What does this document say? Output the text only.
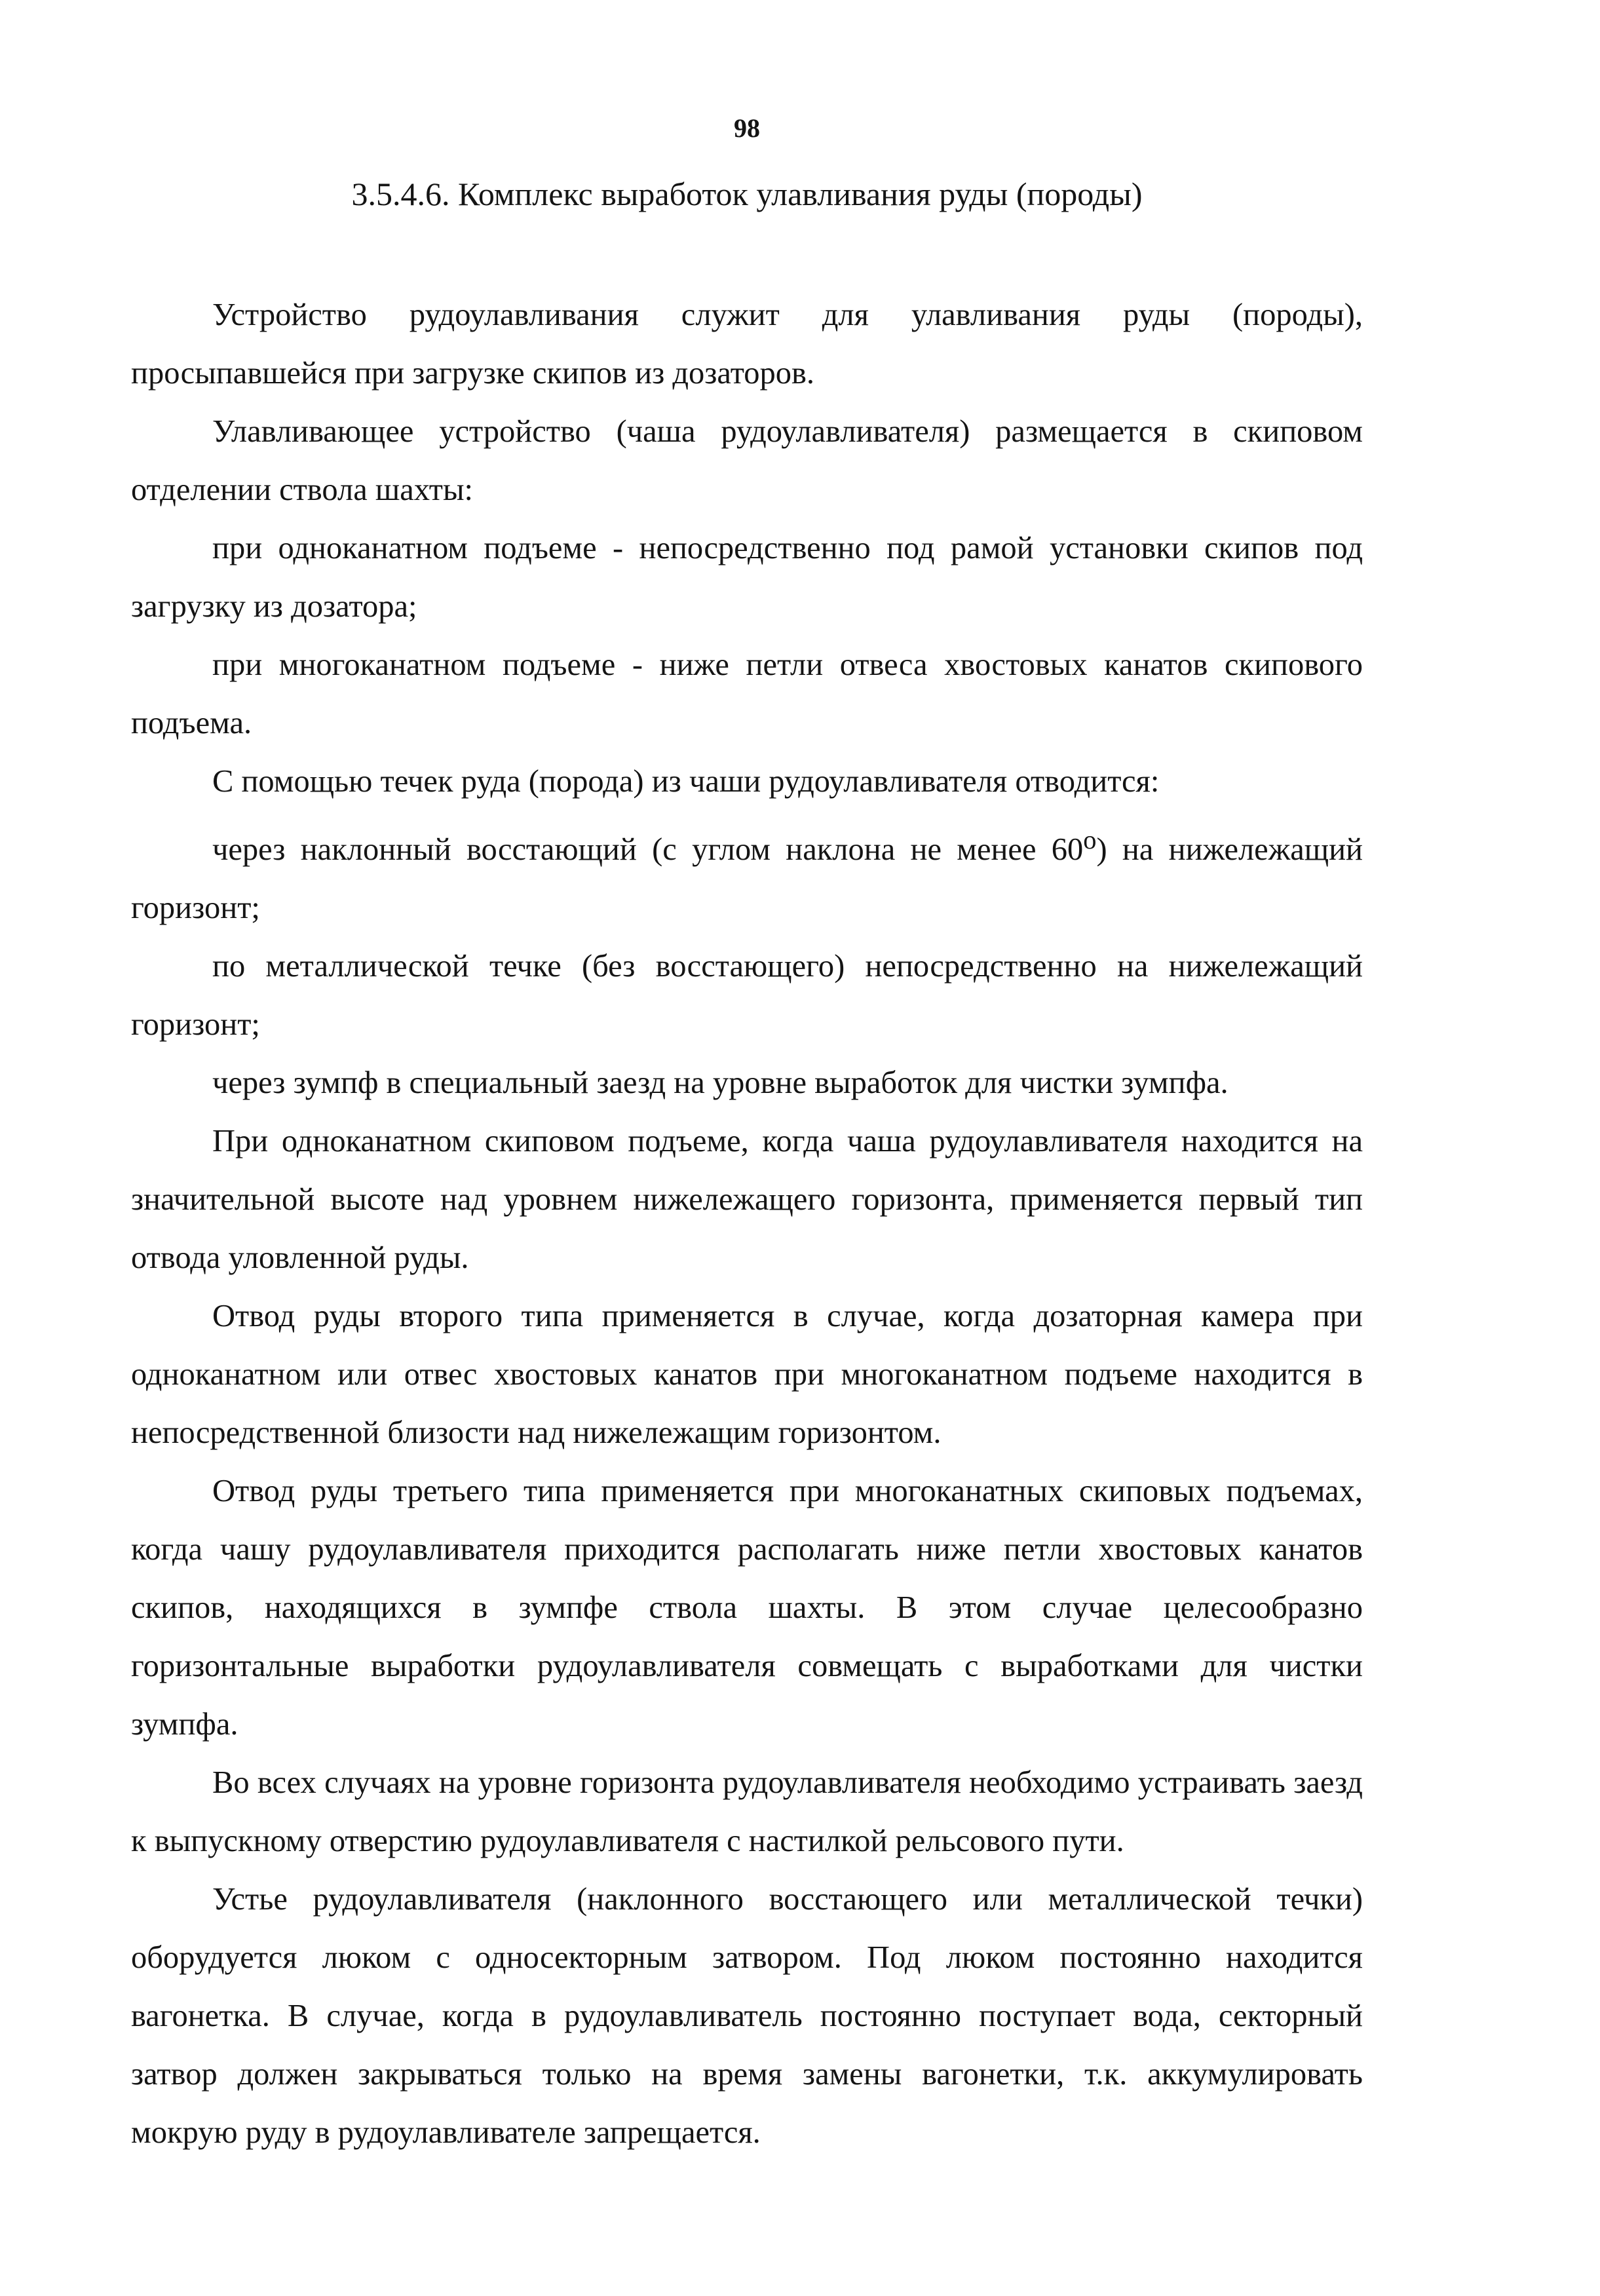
98
3.5.4.6. Комплекс выработок улавливания руды (породы)

Устройство рудоулавливания служит для улавливания руды (породы), просыпавшейся при загрузке скипов из дозаторов.

Улавливающее устройство (чаша рудоулавливателя) размещается в скиповом отделении ствола шахты:

при одноканатном подъеме - непосредственно под рамой установки скипов под загрузку из дозатора;

при многоканатном подъеме - ниже петли отвеса хвостовых канатов скипового подъема.

С помощью течек руда (порода) из чаши рудоулавливателя отводится:

через наклонный восстающий (с углом наклона не менее 60$^o$) на нижележащий горизонт;

по металлической течке (без восстающего) непосредственно на нижележащий горизонт;

через зумпф в специальный заезд на уровне выработок для чистки зумпфа.

При одноканатном скиповом подъеме, когда чаша рудоулавливателя находится на значительной высоте над уровнем нижележащего горизонта, применяется первый тип отвода уловленной руды.

Отвод руды второго типа применяется в случае, когда дозаторная камера при одноканатном или отвес хвостовых канатов при многоканатном подъеме находится в непосредственной близости над нижележащим горизонтом.

Отвод руды третьего типа применяется при многоканатных скиповых подъемах, когда чашу рудоулавливателя приходится располагать ниже петли хвостовых канатов скипов, находящихся в зумпфе ствола шахты. В этом случае целесообразно горизонтальные выработки рудоулавливателя совмещать с выработками для чистки зумпфа.

Во всех случаях на уровне горизонта рудоулавливателя необходимо устраивать заезд к выпускному отверстию рудоулавливателя с настилкой рельсового пути.

Устье рудоулавливателя (наклонного восстающего или металлической течки) оборудуется люком с односекторным затвором. Под люком постоянно находится вагонетка. В случае, когда в рудоулавливатель постоянно поступает вода, секторный затвор должен закрываться только на время замены вагонетки, т.к. аккумулировать мокрую руду в рудоулавливателе запрещается.
